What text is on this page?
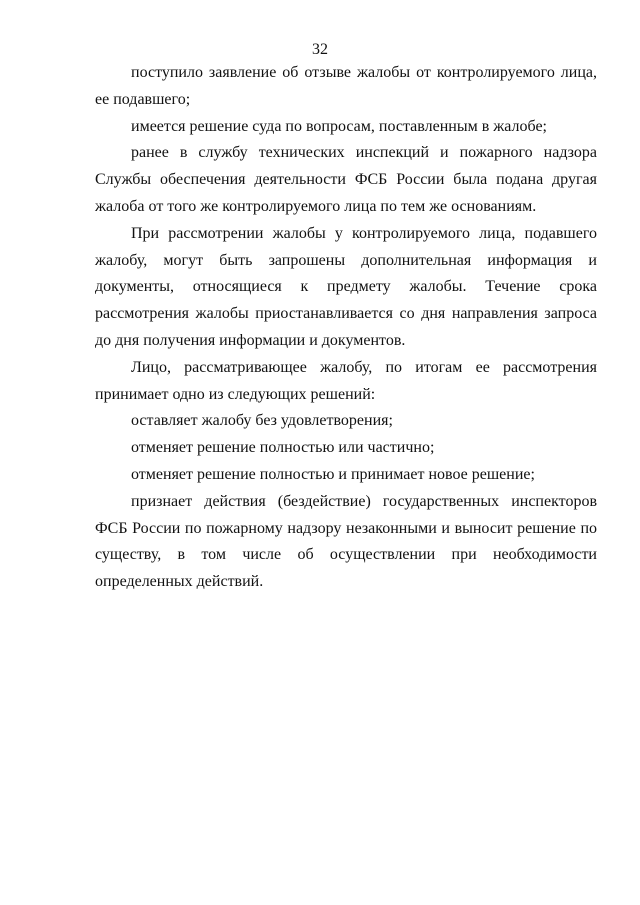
32

поступило заявление об отзыве жалобы от контролируемого лица, ее подавшего;

имеется решение суда по вопросам, поставленным в жалобе;

ранее в службу технических инспекций и пожарного надзора Службы обеспечения деятельности ФСБ России была подана другая жалоба от того же контролируемого лица по тем же основаниям.

При рассмотрении жалобы у контролируемого лица, подавшего жалобу, могут быть запрошены дополнительная информация и документы, относящиеся к предмету жалобы. Течение срока рассмотрения жалобы приостанавливается со дня направления запроса до дня получения информации и документов.

Лицо, рассматривающее жалобу, по итогам ее рассмотрения принимает одно из следующих решений:

оставляет жалобу без удовлетворения;

отменяет решение полностью или частично;

отменяет решение полностью и принимает новое решение;

признает действия (бездействие) государственных инспекторов ФСБ России по пожарному надзору незаконными и выносит решение по существу, в том числе об осуществлении при необходимости определенных действий.
